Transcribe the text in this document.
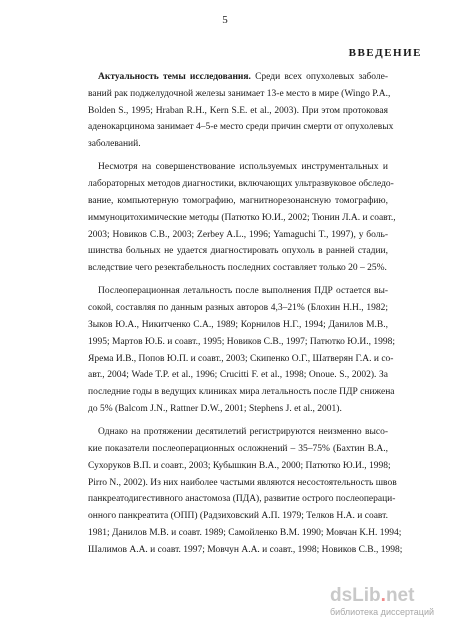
5
ВВЕДЕНИЕ
Актуальность темы исследования. Среди всех опухолевых заболе-
ваний рак поджелудочной железы занимает 13-е место в мире (Wingo P.A.,
Bolden S., 1995; Hraban R.H., Kern S.E. et al., 2003). При этом протоковая
аденокарцинома занимает 4–5-е место среди причин смерти от опухолевых
заболеваний.
Несмотря на совершенствование используемых инструментальных и
лабораторных методов диагностики, включающих ультразвуковое обследо-
вание, компьютерную томографию, магнитнорезонансную томографию,
иммуноцитохимические методы (Патютко Ю.И., 2002; Тюнин Л.А. и соавт.,
2003; Новиков С.В., 2003; Zerbey A.L., 1996; Yamaguchi T., 1997), у боль-
шинства больных не удается диагностировать опухоль в ранней стадии,
вследствие чего резектабельность последних составляет только 20 – 25%.
Послеоперационная летальность после выполнения ПДР остается вы-
сокой, составляя по данным разных авторов 4,3–21% (Блохин Н.Н., 1982;
Зыков Ю.А., Никитченко С.А., 1989; Корнилов Н.Г., 1994; Данилов М.В.,
1995; Мартов Ю.Б. и соавт., 1995; Новиков С.В., 1997; Патютко Ю.И., 1998;
Ярема И.В., Попов Ю.П. и соавт., 2003; Скипенко О.Г., Шатверян Г.А. и со-
авт., 2004; Wade T.P. et al., 1996; Crucitti F. et al., 1998; Onoue. S., 2002). За
последние годы в ведущих клиниках мира летальность после ПДР снижена
до 5% (Balcom J.N., Rattner D.W., 2001; Stephens J. et al., 2001).
Однако на протяжении десятилетий регистрируются неизменно высо-
кие показатели послеоперационных осложнений – 35–75% (Бахтин В.А.,
Сухоруков В.П. и соавт., 2003; Кубышкин В.А., 2000; Патютко Ю.И., 1998;
Pirro N., 2002). Из них наиболее частыми являются несостоятельность швов
панкреатодигестивного анастомоза (ПДА), развитие острого послеопераци-
онного панкреатита (ОПП) (Радзиховский А.П. 1979; Телков Н.А. и соавт.
1981; Данилов М.В. и соавт. 1989; Самойленко В.М. 1990; Мовчан К.Н. 1994;
Шалимов А.А. и соавт. 1997; Мовчун А.А. и соавт., 1998; Новиков С.В., 1998;
dsLib.net
библиотека диссертаций
